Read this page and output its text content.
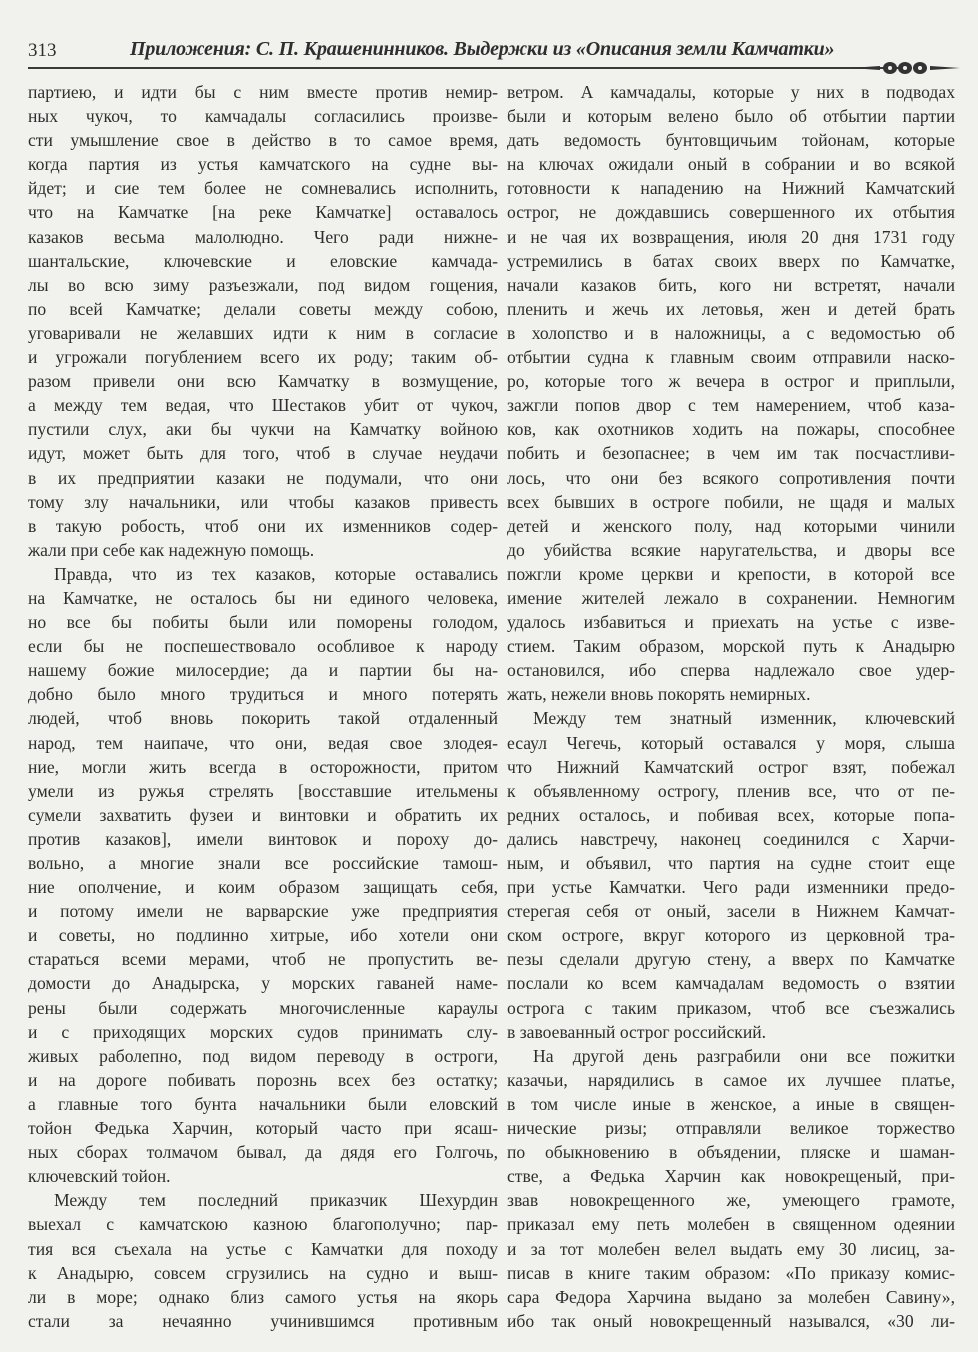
313	Приложения: С. П. Крашенинников. Выдержки из «Описания земли Камчатки»
партиею, и идти бы с ним вместе против немир-
ных чукоч, то камчадалы согласились произве-
сти умышление свое в действо в то самое время,
когда партия из устья камчатского на судне вы-
йдет; и сие тем более не сомневались исполнить,
что на Камчатке [на реке Камчатке] оставалось
казаков весьма малолюдно. Чего ради нижне-
шантальские, ключевские и еловские камчада-
лы во всю зиму разъезжали, под видом гощения,
по всей Камчатке; делали советы между собою,
уговаривали не желавших идти к ним в согласие
и угрожали погублением всего их роду; таким об-
разом привели они всю Камчатку в возмущение,
а между тем ведая, что Шестаков убит от чукоч,
пустили слух, аки бы чукчи на Камчатку войною
идут, может быть для того, чтоб в случае неудачи
в их предприятии казаки не подумали, что они
тому злу начальники, или чтобы казаков привесть
в такую робость, чтоб они их изменников содер-
жали при себе как надежную помощь.
Правда, что из тех казаков, которые оставались
на Камчатке, не осталось бы ни единого человека,
но все бы побиты были или поморены голодом,
если бы не поспешествовало особливое к народу
нашему божие милосердие; да и партии бы на-
добно было много трудиться и много потерять
людей, чтоб вновь покорить такой отдаленный
народ, тем наипаче, что они, ведая свое злодея-
ние, могли жить всегда в осторожности, притом
умели из ружья стрелять [восставшие ительмены
сумели захватить фузеи и винтовки и обратить их
против казаков], имели винтовок и пороху до-
вольно, а многие знали все российские тамош-
ние ополчение, и коим образом защищать себя,
и потому имели не варварские уже предприятия
и советы, но подлинно хитрые, ибо хотели они
стараться всеми мерами, чтоб не пропустить ве-
домости до Анадырска, у морских гаваней наме-
рены были содержать многочисленные караулы
и с приходящих морских судов принимать слу-
живых раболепно, под видом переводу в остроги,
и на дороге побивать порознь всех без остатку;
а главные того бунта начальники были еловский
тойон Федька Харчин, который часто при ясаш-
ных сборах толмачом бывал, да дядя его Голгочь,
ключевский тойон.
Между тем последний приказчик Шехурдин
выехал с камчатскою казною благополучно; пар-
тия вся съехала на устье с Камчатки для походу
к Анадырю, совсем сгрузились на судно и выш-
ли в море; однако близ самого устья на якорь
стали за нечаянно учинившимся противным
ветром. А камчадалы, которые у них в подводах
были и которым велено было об отбытии партии
дать ведомость бунтовщичьим тойонам, которые
на ключах ожидали оный в собрании и во всякой
готовности к нападению на Нижний Камчатский
острог, не дождавшись совершенного их отбытия
и не чая их возвращения, июля 20 дня 1731 году
устремились в батах своих вверх по Камчатке,
начали казаков бить, кого ни встретят, начали
пленить и жечь их летовья, жен и детей брать
в холопство и в наложницы, а с ведомостью об
отбытии судна к главным своим отправили наско-
ро, которые того ж вечера в острог и приплыли,
зажгли попов двор с тем намерением, чтоб каза-
ков, как охотников ходить на пожары, способнее
побить и безопаснее; в чем им так посчастливи-
лось, что они без всякого сопротивления почти
всех бывших в остроге побили, не щадя и малых
детей и женского полу, над которыми чинили
до убийства всякие наругательства, и дворы все
пожгли кроме церкви и крепости, в которой все
имение жителей лежало в сохранении. Немногим
удалось избавиться и приехать на устье с изве-
стием. Таким образом, морской путь к Анадырю
остановился, ибо сперва надлежало свое удер-
жать, нежели вновь покорять немирных.
Между тем знатный изменник, ключевский
есаул Чегечь, который оставался у моря, слыша
что Нижний Камчатский острог взят, побежал
к объявленному острогу, пленив все, что от пе-
редних осталось, и побивая всех, которые попа-
дались навстречу, наконец соединился с Харчи-
ным, и объявил, что партия на судне стоит еще
при устье Камчатки. Чего ради изменники предо-
стерегая себя от оный, засели в Нижнем Камчат-
ском остроге, вкруг которого из церковной тра-
пезы сделали другую стену, а вверх по Камчатке
послали ко всем камчадалам ведомость о взятии
острога с таким приказом, чтоб все съезжались
в завоеванный острог российский.
На другой день разграбили они все пожитки
казачьи, нарядились в самое их лучшее платье,
в том числе иные в женское, а иные в священ-
нические ризы; отправляли великое торжество
по обыкновению в объядении, пляске и шаман-
стве, а Федька Харчин как новокрещеный, при-
звав новокрещенного же, умеющего грамоте,
приказал ему петь молебен в священном одеянии
и за тот молебен велел выдать ему 30 лисиц, за-
писав в книге таким образом: «По приказу комис-
сара Федора Харчина выдано за молебен Савину»,
ибо так оный новокрещенный назывался, «30 ли-
